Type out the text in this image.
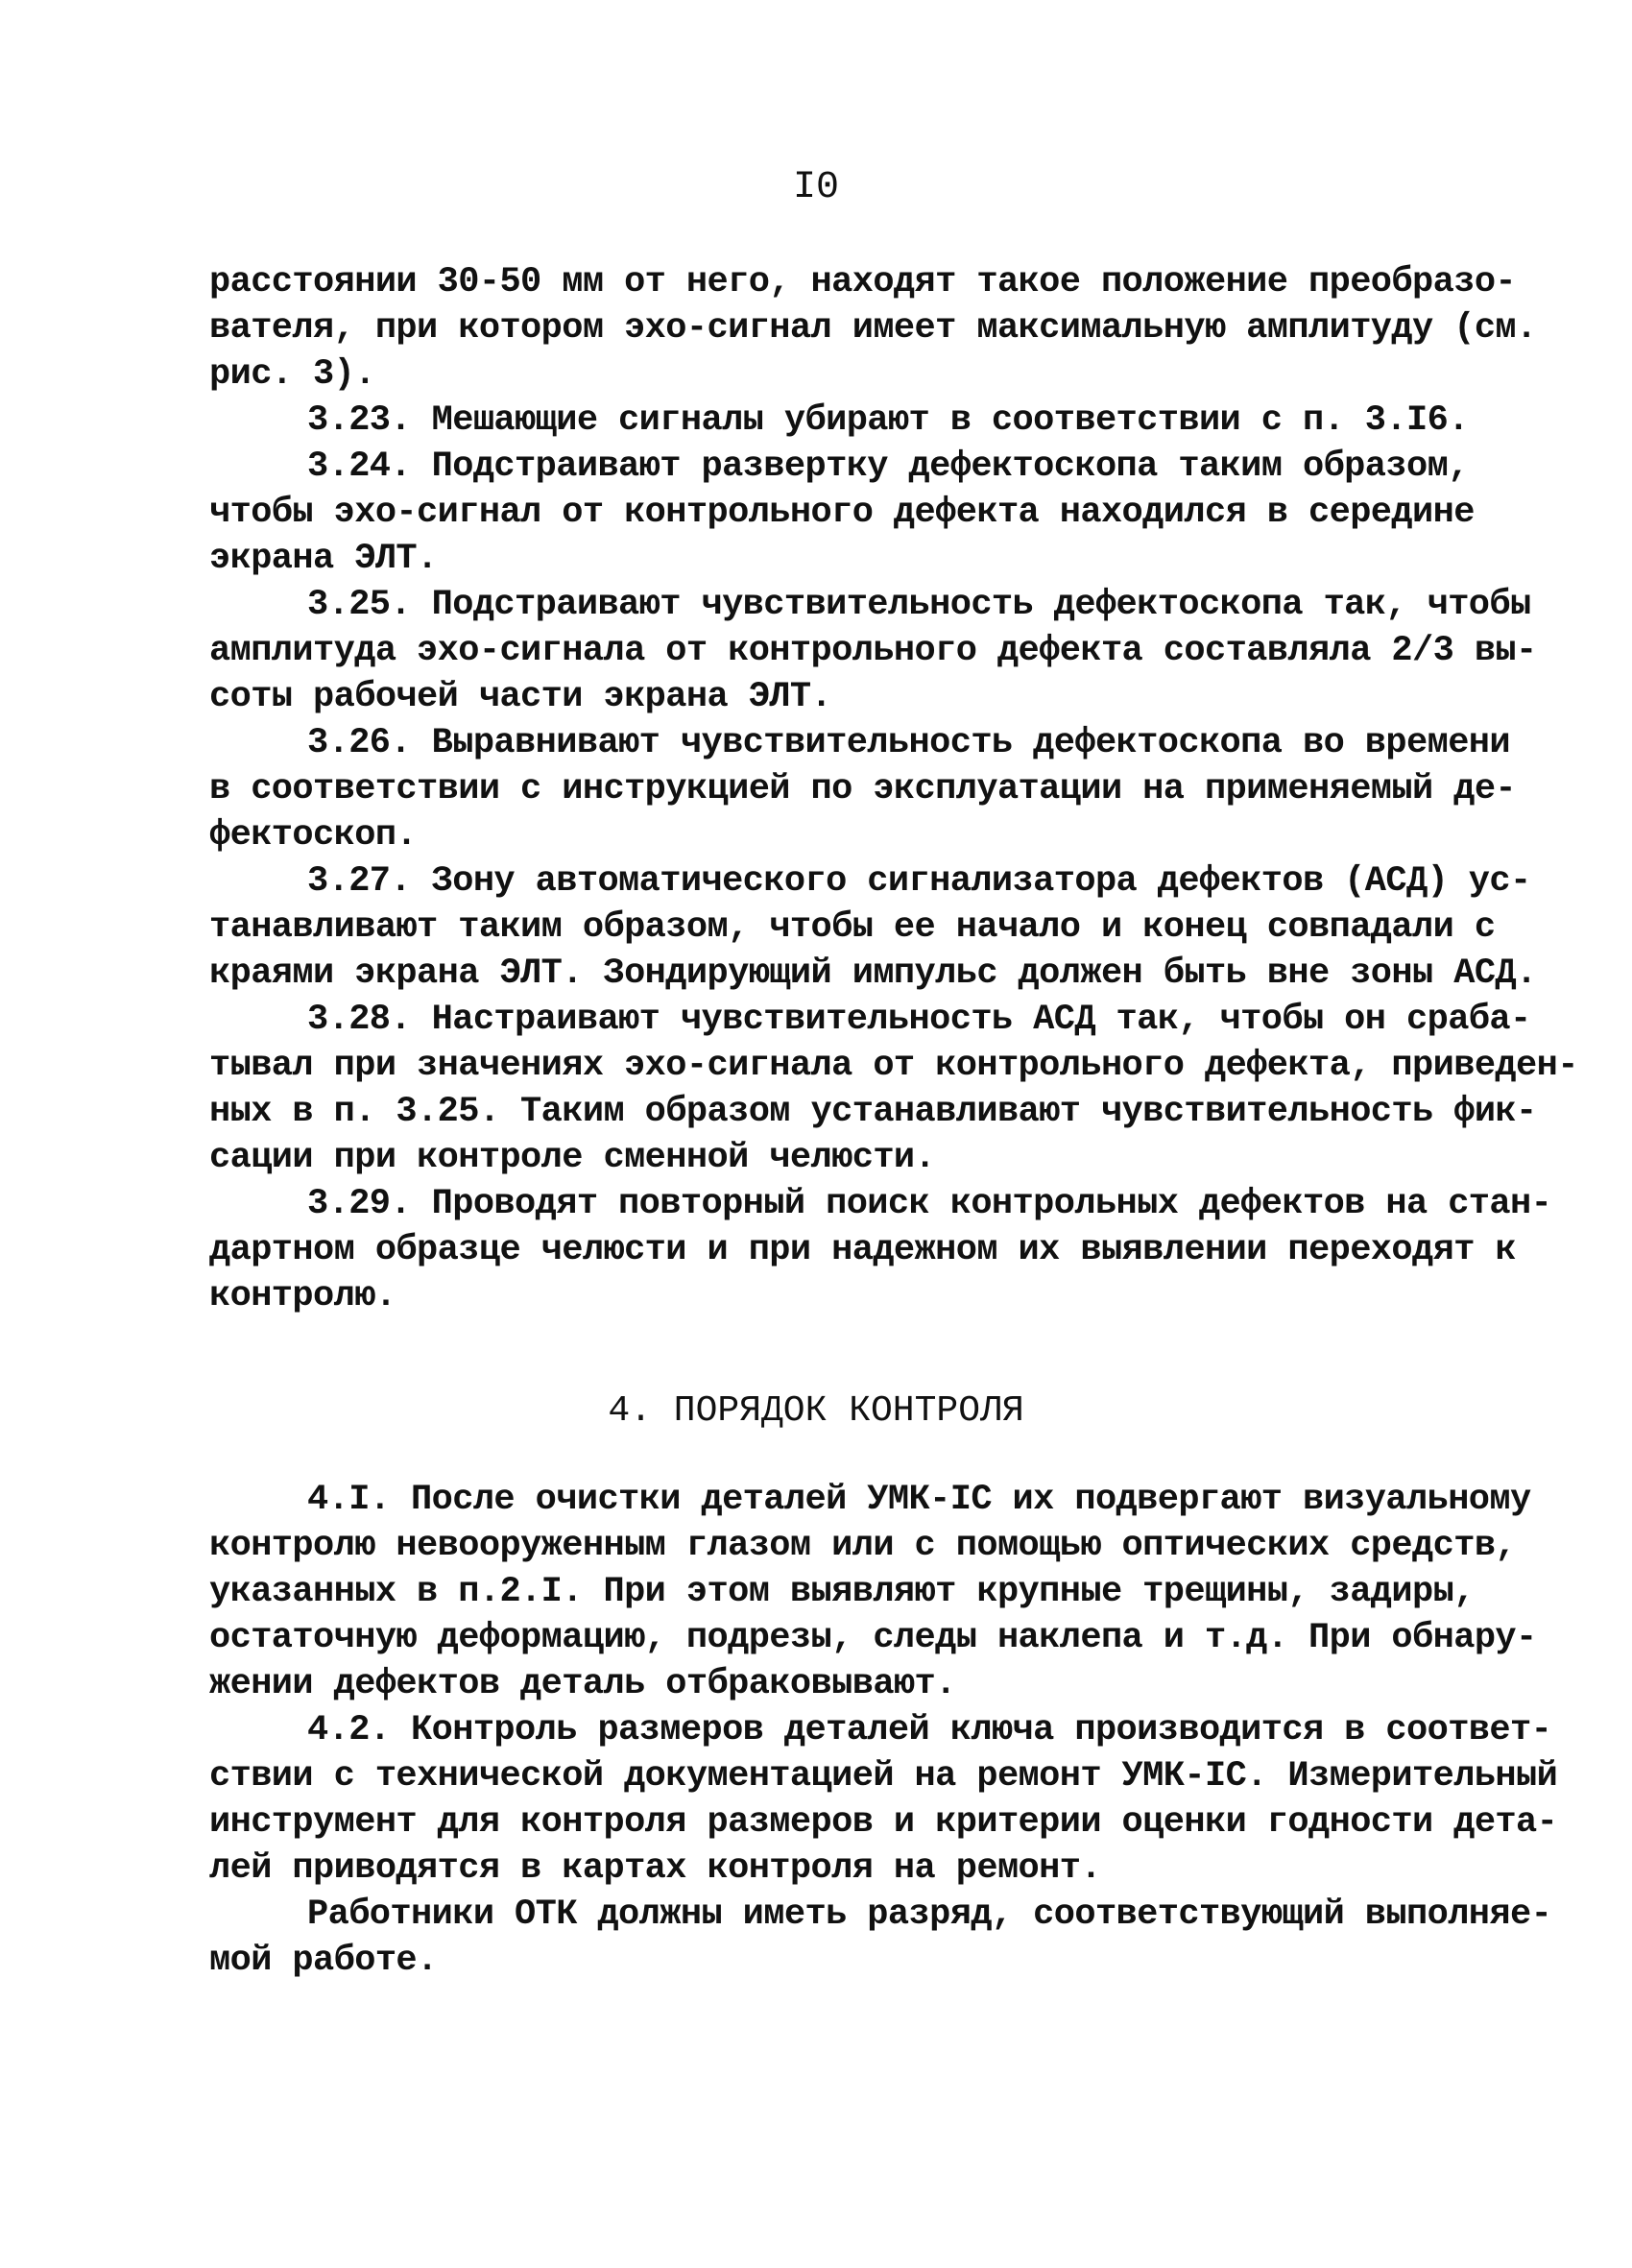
I0

расстоянии 30-50 мм от него, находят такое положение преобразо-
вателя, при котором эхо-сигнал имеет максимальную амплитуду (см.
рис. 3).

3.23. Мешающие сигналы убирают в соответствии с п. 3.I6.

3.24. Подстраивают развертку дефектоскопа таким образом,
чтобы эхо-сигнал от контрольного дефекта находился в середине
экрана ЭЛТ.

3.25. Подстраивают чувствительность дефектоскопа так, чтобы
амплитуда эхо-сигнала от контрольного дефекта составляла 2/3 вы-
соты рабочей части экрана ЭЛТ.

3.26. Выравнивают чувствительность дефектоскопа во времени
в соответствии с инструкцией по эксплуатации на применяемый де-
фектоскоп.

3.27. Зону автоматического сигнализатора дефектов (АСД) ус-
танавливают таким образом, чтобы ее начало и конец совпадали с
краями экрана ЭЛТ. Зондирующий импульс должен быть вне зоны АСД.

3.28. Настраивают чувствительность АСД так, чтобы он сраба-
тывал при значениях эхо-сигнала от контрольного дефекта, приведен-
ных в п. 3.25. Таким образом устанавливают чувствительность фик-
сации при контроле сменной челюсти.

3.29. Проводят повторный поиск контрольных дефектов на стан-
дартном образце челюсти и при надежном их выявлении переходят к
контролю.

4. ПОРЯДОК КОНТРОЛЯ

4.I. После очистки деталей УМК-IС их подвергают визуальному
контролю невооруженным глазом или с помощью оптических средств,
указанных в п.2.I. При этом выявляют крупные трещины, задиры,
остаточную деформацию, подрезы, следы наклепа и т.д. При обнару-
жении дефектов деталь отбраковывают.

4.2. Контроль размеров деталей ключа производится в соответ-
ствии с технической документацией на ремонт УМК-IС. Измерительный
инструмент для контроля размеров и критерии оценки годности дета-
лей приводятся в картах контроля на ремонт.

Работники ОТК должны иметь разряд, соответствующий выполняе-
мой работе.
